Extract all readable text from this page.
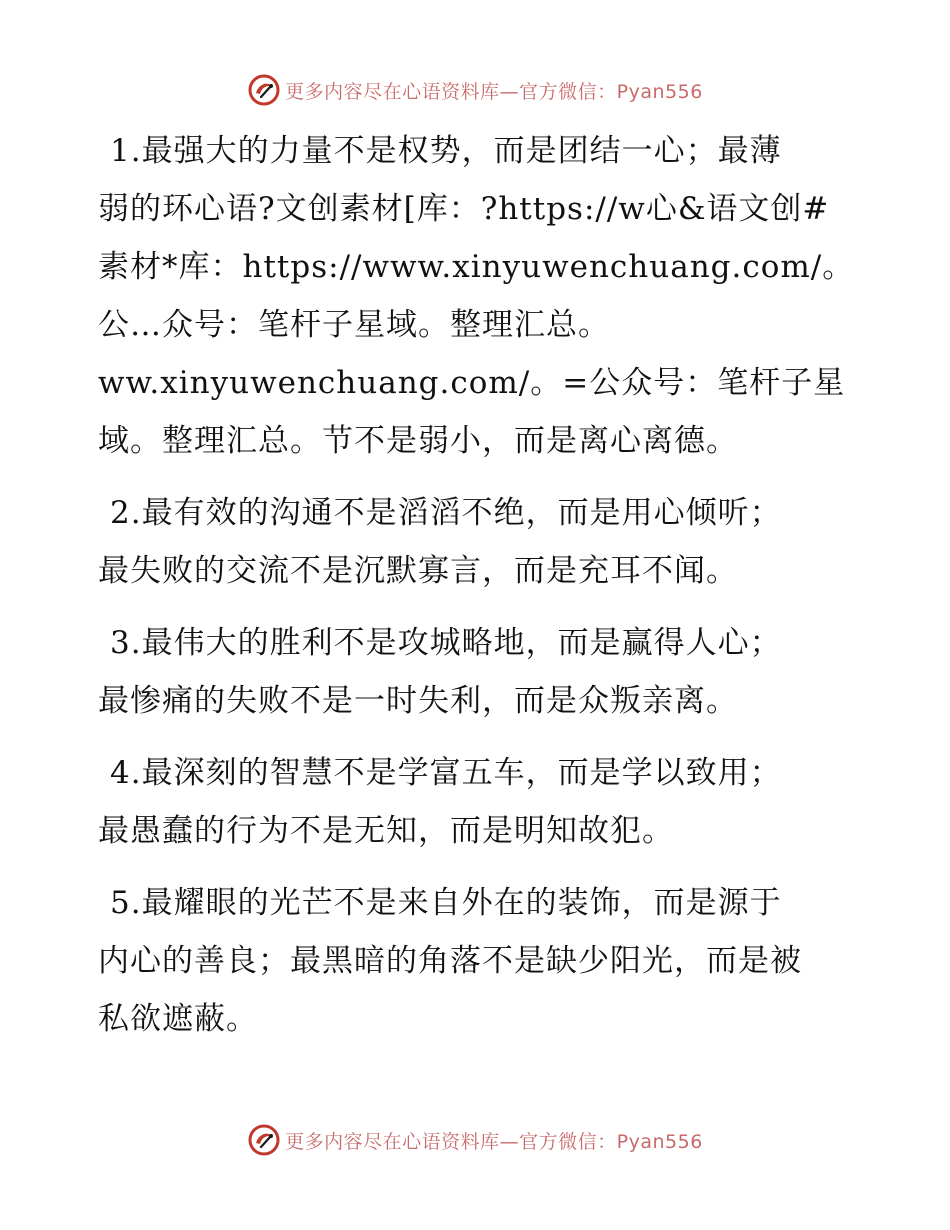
更多内容尽在心语资料库—官方微信：Pyan556
1.最强大的力量不是权势，而是团结一心；最薄
弱的环心语?文创素材[库：?https://w心&语文创#
素材*库：https://www.xinyuwenchuang.com/。
公…众号：笔杆子星域。整理汇总。
ww.xinyuwenchuang.com/。=公众号：笔杆子星
域。整理汇总。节不是弱小，而是离心离德。
2.最有效的沟通不是滔滔不绝，而是用心倾听；
最失败的交流不是沉默寡言，而是充耳不闻。
3.最伟大的胜利不是攻城略地，而是赢得人心；
最惨痛的失败不是一时失利，而是众叛亲离。
4.最深刻的智慧不是学富五车，而是学以致用；
最愚蠢的行为不是无知，而是明知故犯。
5.最耀眼的光芒不是来自外在的装饰，而是源于
内心的善良；最黑暗的角落不是缺少阳光，而是被
私欲遮蔽。
更多内容尽在心语资料库—官方微信：Pyan556
